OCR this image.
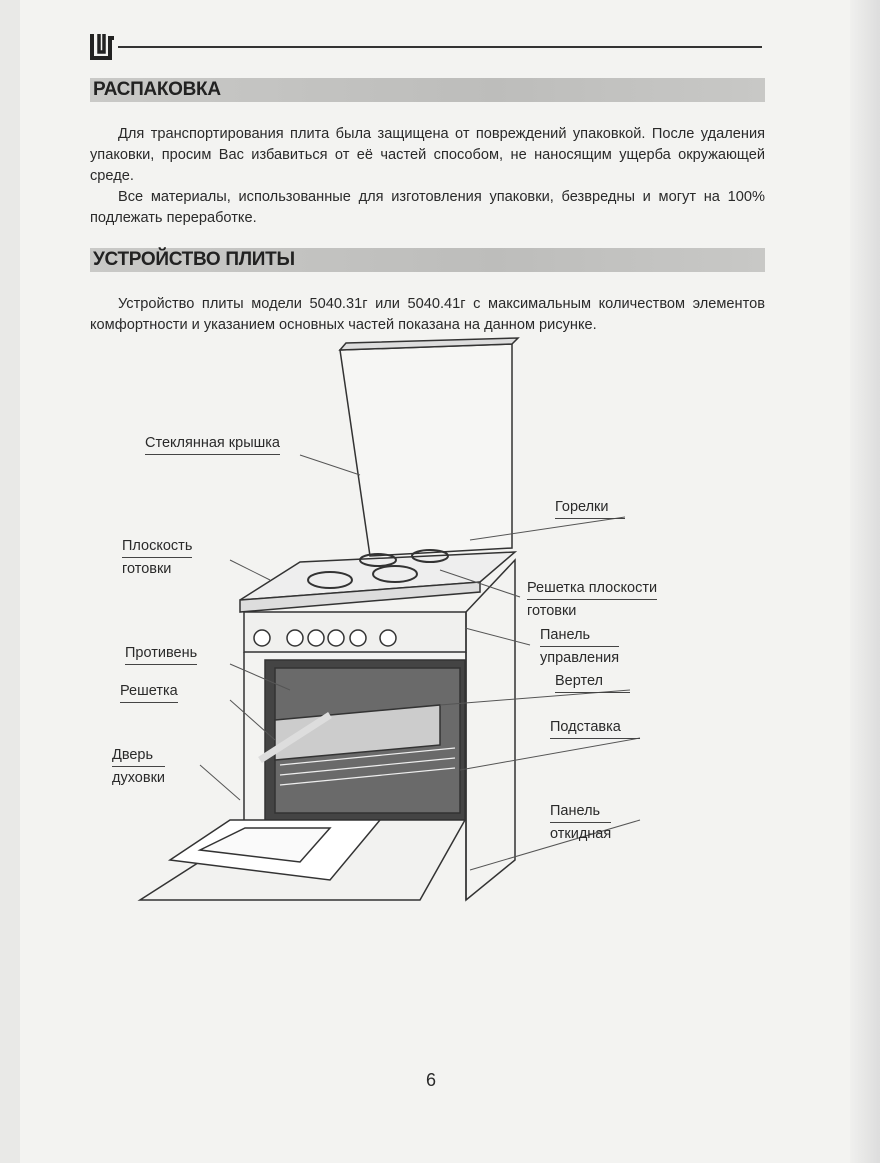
РАСПАКОВКА

Для транспортирования плита была защищена от повреждений упаковкой. После удаления упаковки, просим Вас избавиться от её частей способом, не наносящим ущерба окружающей среде.

Все материалы, использованные для изготовления упаковки, безвредны и могут на 100% подлежать переработке.

УСТРОЙСТВО ПЛИТЫ

Устройство плиты модели 5040.31г или 5040.41г с максимальным количеством элементов комфортности и указанием основных частей показана на данном рисунке.

Стеклянная крышка
Горелки
Плоскость
готовки
Решетка плоскости
готовки
Панель
управления
Противень
Вертел
Решетка
Подставка
Дверь
духовки
Панель
откидная
6
